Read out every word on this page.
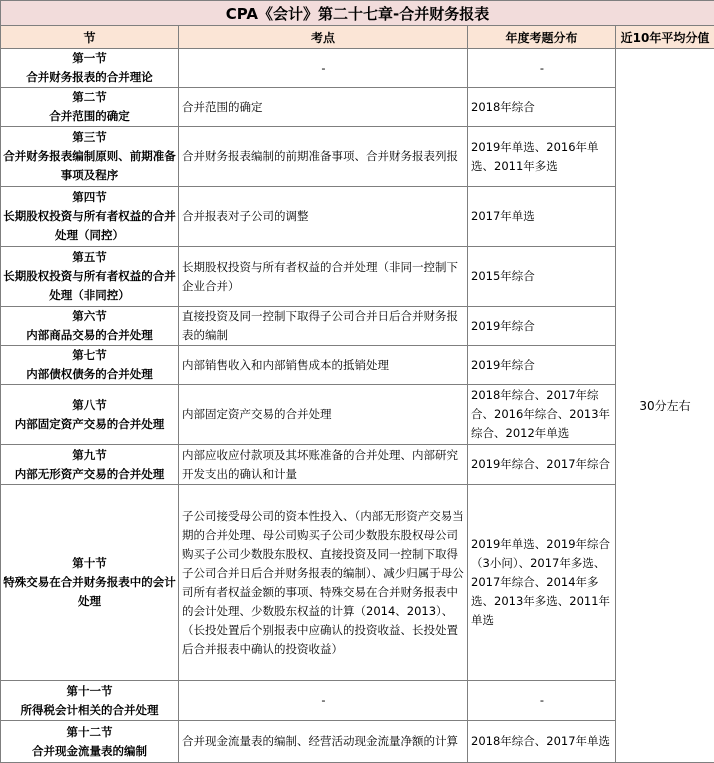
CPA《会计》第二十七章-合并财务报表			
节	考点	年度考题分布	近10年平均分值

第一节
合并财务报表的合并理论	-	-	30分左右

第二节
合并范围的确定	合并范围的确定	2018年综合	

第三节
合并财务报表编制原则、前期准备事项及程序	合并财务报表编制的前期准备事项、合并财务报表列报	2019年单选、2016年单选、2011年多选	

第四节
长期股权投资与所有者权益的合并处理（同控）	合并报表对子公司的调整	2017年单选	

第五节
长期股权投资与所有者权益的合并处理（非同控）	长期股权投资与所有者权益的合并处理（非同一控制下企业合并）	2015年综合	

第六节
内部商品交易的合并处理	直接投资及同一控制下取得子公司合并日后合并财务报表的编制	2019年综合	

第七节
内部债权债务的合并处理	内部销售收入和内部销售成本的抵销处理	2019年综合	

第八节
内部固定资产交易的合并处理	内部固定资产交易的合并处理	2018年综合、2017年综合、2016年综合、2013年综合、2012年单选	

第九节
内部无形资产交易的合并处理	内部应收应付款项及其坏账准备的合并处理、内部研究开发支出的确认和计量	2019年综合、2017年综合	

第十节
特殊交易在合并财务报表中的会计处理	子公司接受母公司的资本性投入、（内部无形资产交易当期的合并处理、母公司购买子公司少数股东股权母公司购买子公司少数股东股权、直接投资及同一控制下取得子公司合并日后合并财务报表的编制）、减少归属于母公司所有者权益金额的事项、特殊交易在合并财务报表中的会计处理、少数股东权益的计算（2014、2013）、（长投处置后个别报表中应确认的投资收益、长投处置后合并报表中确认的投资收益）	2019年单选、2019年综合（3小问）、2017年多选、2017年综合、2014年多选、2013年多选、2011年单选	

第十一节
所得税会计相关的合并处理	-	-	

第十二节
合并现金流量表的编制	合并现金流量表的编制、经营活动现金流量净额的计算	2018年综合、2017年单选	
